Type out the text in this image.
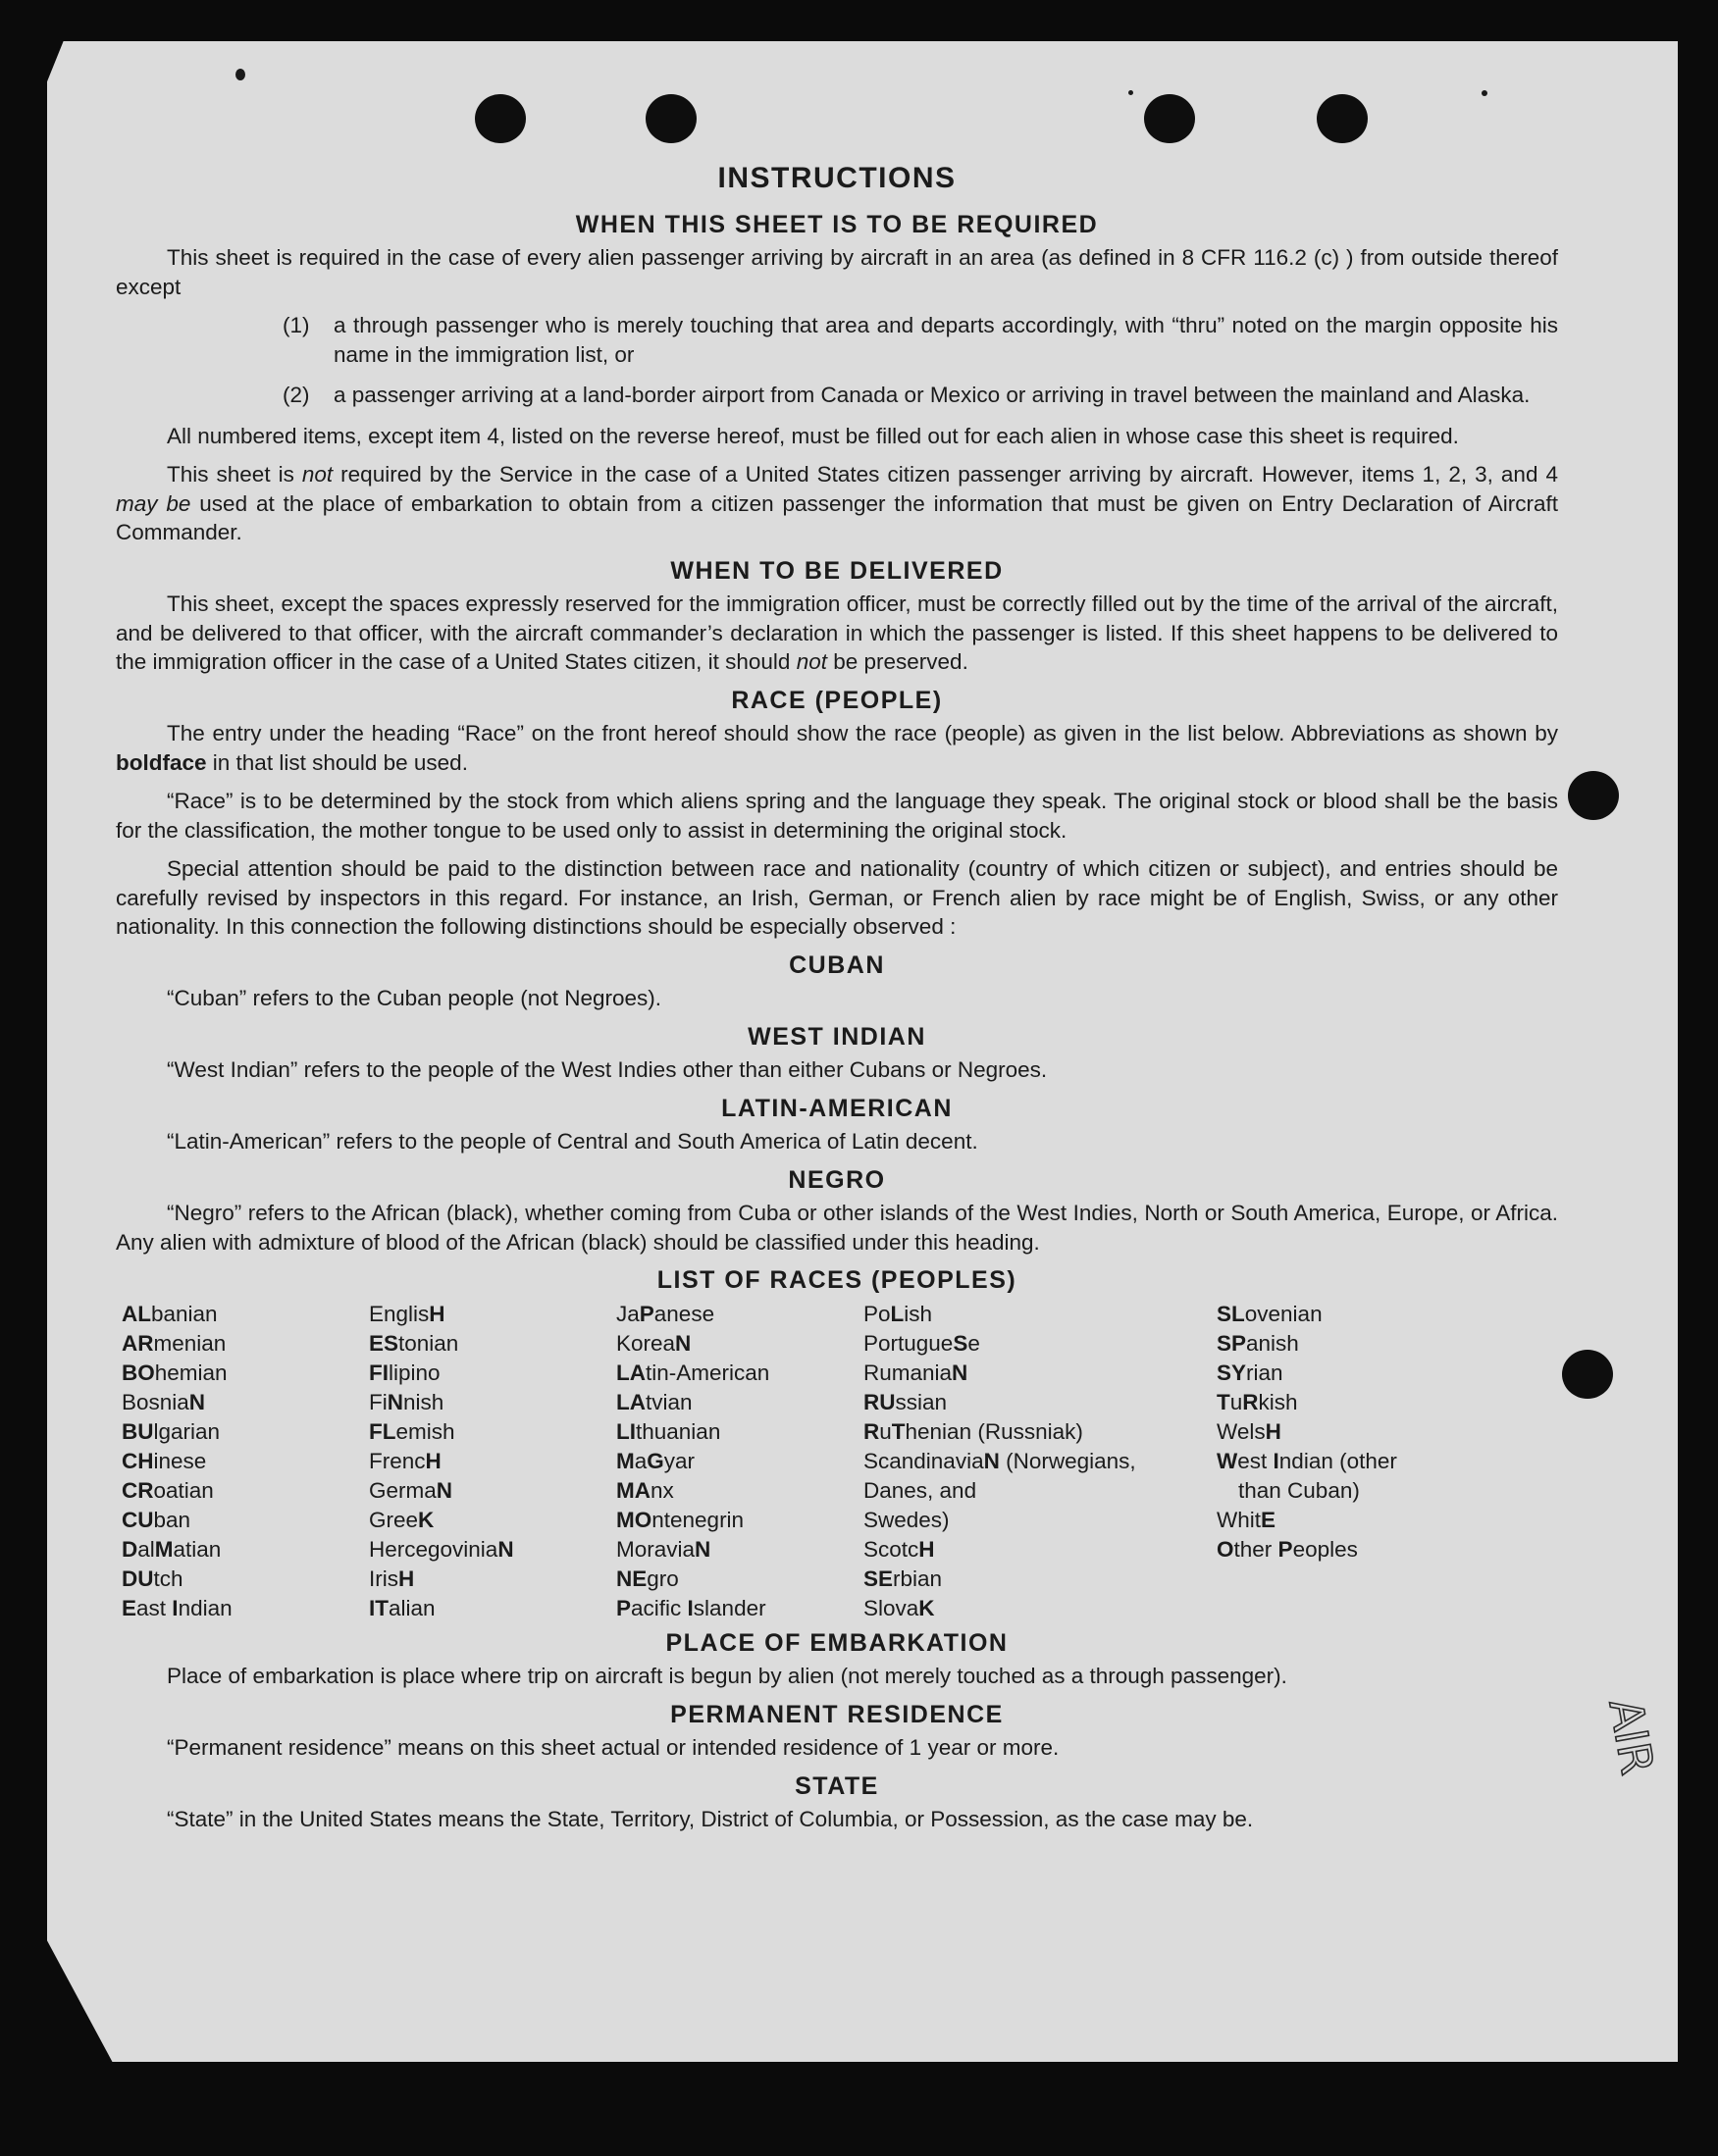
INSTRUCTIONS
WHEN THIS SHEET IS TO BE REQUIRED

This sheet is required in the case of every alien passenger arriving by aircraft in an area (as defined in 8 CFR 116.2 (c) ) from outside thereof except

(1)	a through passenger who is merely touching that area and departs accordingly, with “thru” noted on the margin opposite his name in the immigration list, or
(2)	a passenger arriving at a land-border airport from Canada or Mexico or arriving in travel between the mainland and Alaska.

All numbered items, except item 4, listed on the reverse hereof, must be filled out for each alien in whose case this sheet is required.

This sheet is not required by the Service in the case of a United States citizen passenger arriving by aircraft. However, items 1, 2, 3, and 4 may be used at the place of embarkation to obtain from a citizen passenger the information that must be given on Entry Declaration of Aircraft Commander.

WHEN TO BE DELIVERED

This sheet, except the spaces expressly reserved for the immigration officer, must be correctly filled out by the time of the arrival of the aircraft, and be delivered to that officer, with the aircraft commander’s declaration in which the passenger is listed. If this sheet happens to be delivered to the immigration officer in the case of a United States citizen, it should not be preserved.

RACE (PEOPLE)

The entry under the heading “Race” on the front hereof should show the race (people) as given in the list below. Abbreviations as shown by boldface in that list should be used.

“Race” is to be determined by the stock from which aliens spring and the language they speak. The original stock or blood shall be the basis for the classification, the mother tongue to be used only to assist in determining the original stock.

Special attention should be paid to the distinction between race and nationality (country of which citizen or subject), and entries should be carefully revised by inspectors in this regard. For instance, an Irish, German, or French alien by race might be of English, Swiss, or any other nationality. In this connection the following distinctions should be especially observed :

CUBAN

“Cuban” refers to the Cuban people (not Negroes).

WEST INDIAN

“West Indian” refers to the people of the West Indies other than either Cubans or Negroes.

LATIN-AMERICAN

“Latin-American” refers to the people of Central and South America of Latin decent.

NEGRO

“Negro” refers to the African (black), whether coming from Cuba or other islands of the West Indies, North or South America, Europe, or Africa. Any alien with admixture of blood of the African (black) should be classified under this heading.

LIST OF RACES (PEOPLES)
ALbanian
ARmenian
BOhemian
BosniaN
BUlgarian
CHinese
CRoatian
CUban
DalMatian
DUtch
East Indian
EnglisH
EStonian
FIlipino
FiNnish
FLemish
FrencH
GermaN
GreeK
HercegoviniaN
IrisH
ITalian
JaPanese
KoreaN
LAtin-American
LAtvian
LIthuanian
MaGyar
MAnx
MOntenegrin
MoraviaN
NEgro
Pacific Islander
PoLish
PortugueSe
RumaniaN
RUssian
RuThenian (Russniak)
ScandinaviaN (Norwegians,
Danes, and
Swedes)
ScotcH
SErbian
SlovaK
SLovenian
SPanish
SYrian
TuRkish
WelsH
West Indian (other
than Cuban)
WhitE
Other Peoples
PLACE OF EMBARKATION

Place of embarkation is place where trip on aircraft is begun by alien (not merely touched as a through passenger).

PERMANENT RESIDENCE

“Permanent residence” means on this sheet actual or intended residence of 1 year or more.

STATE

“State” in the United States means the State, Territory, District of Columbia, or Possession, as the case may be.

AIR
